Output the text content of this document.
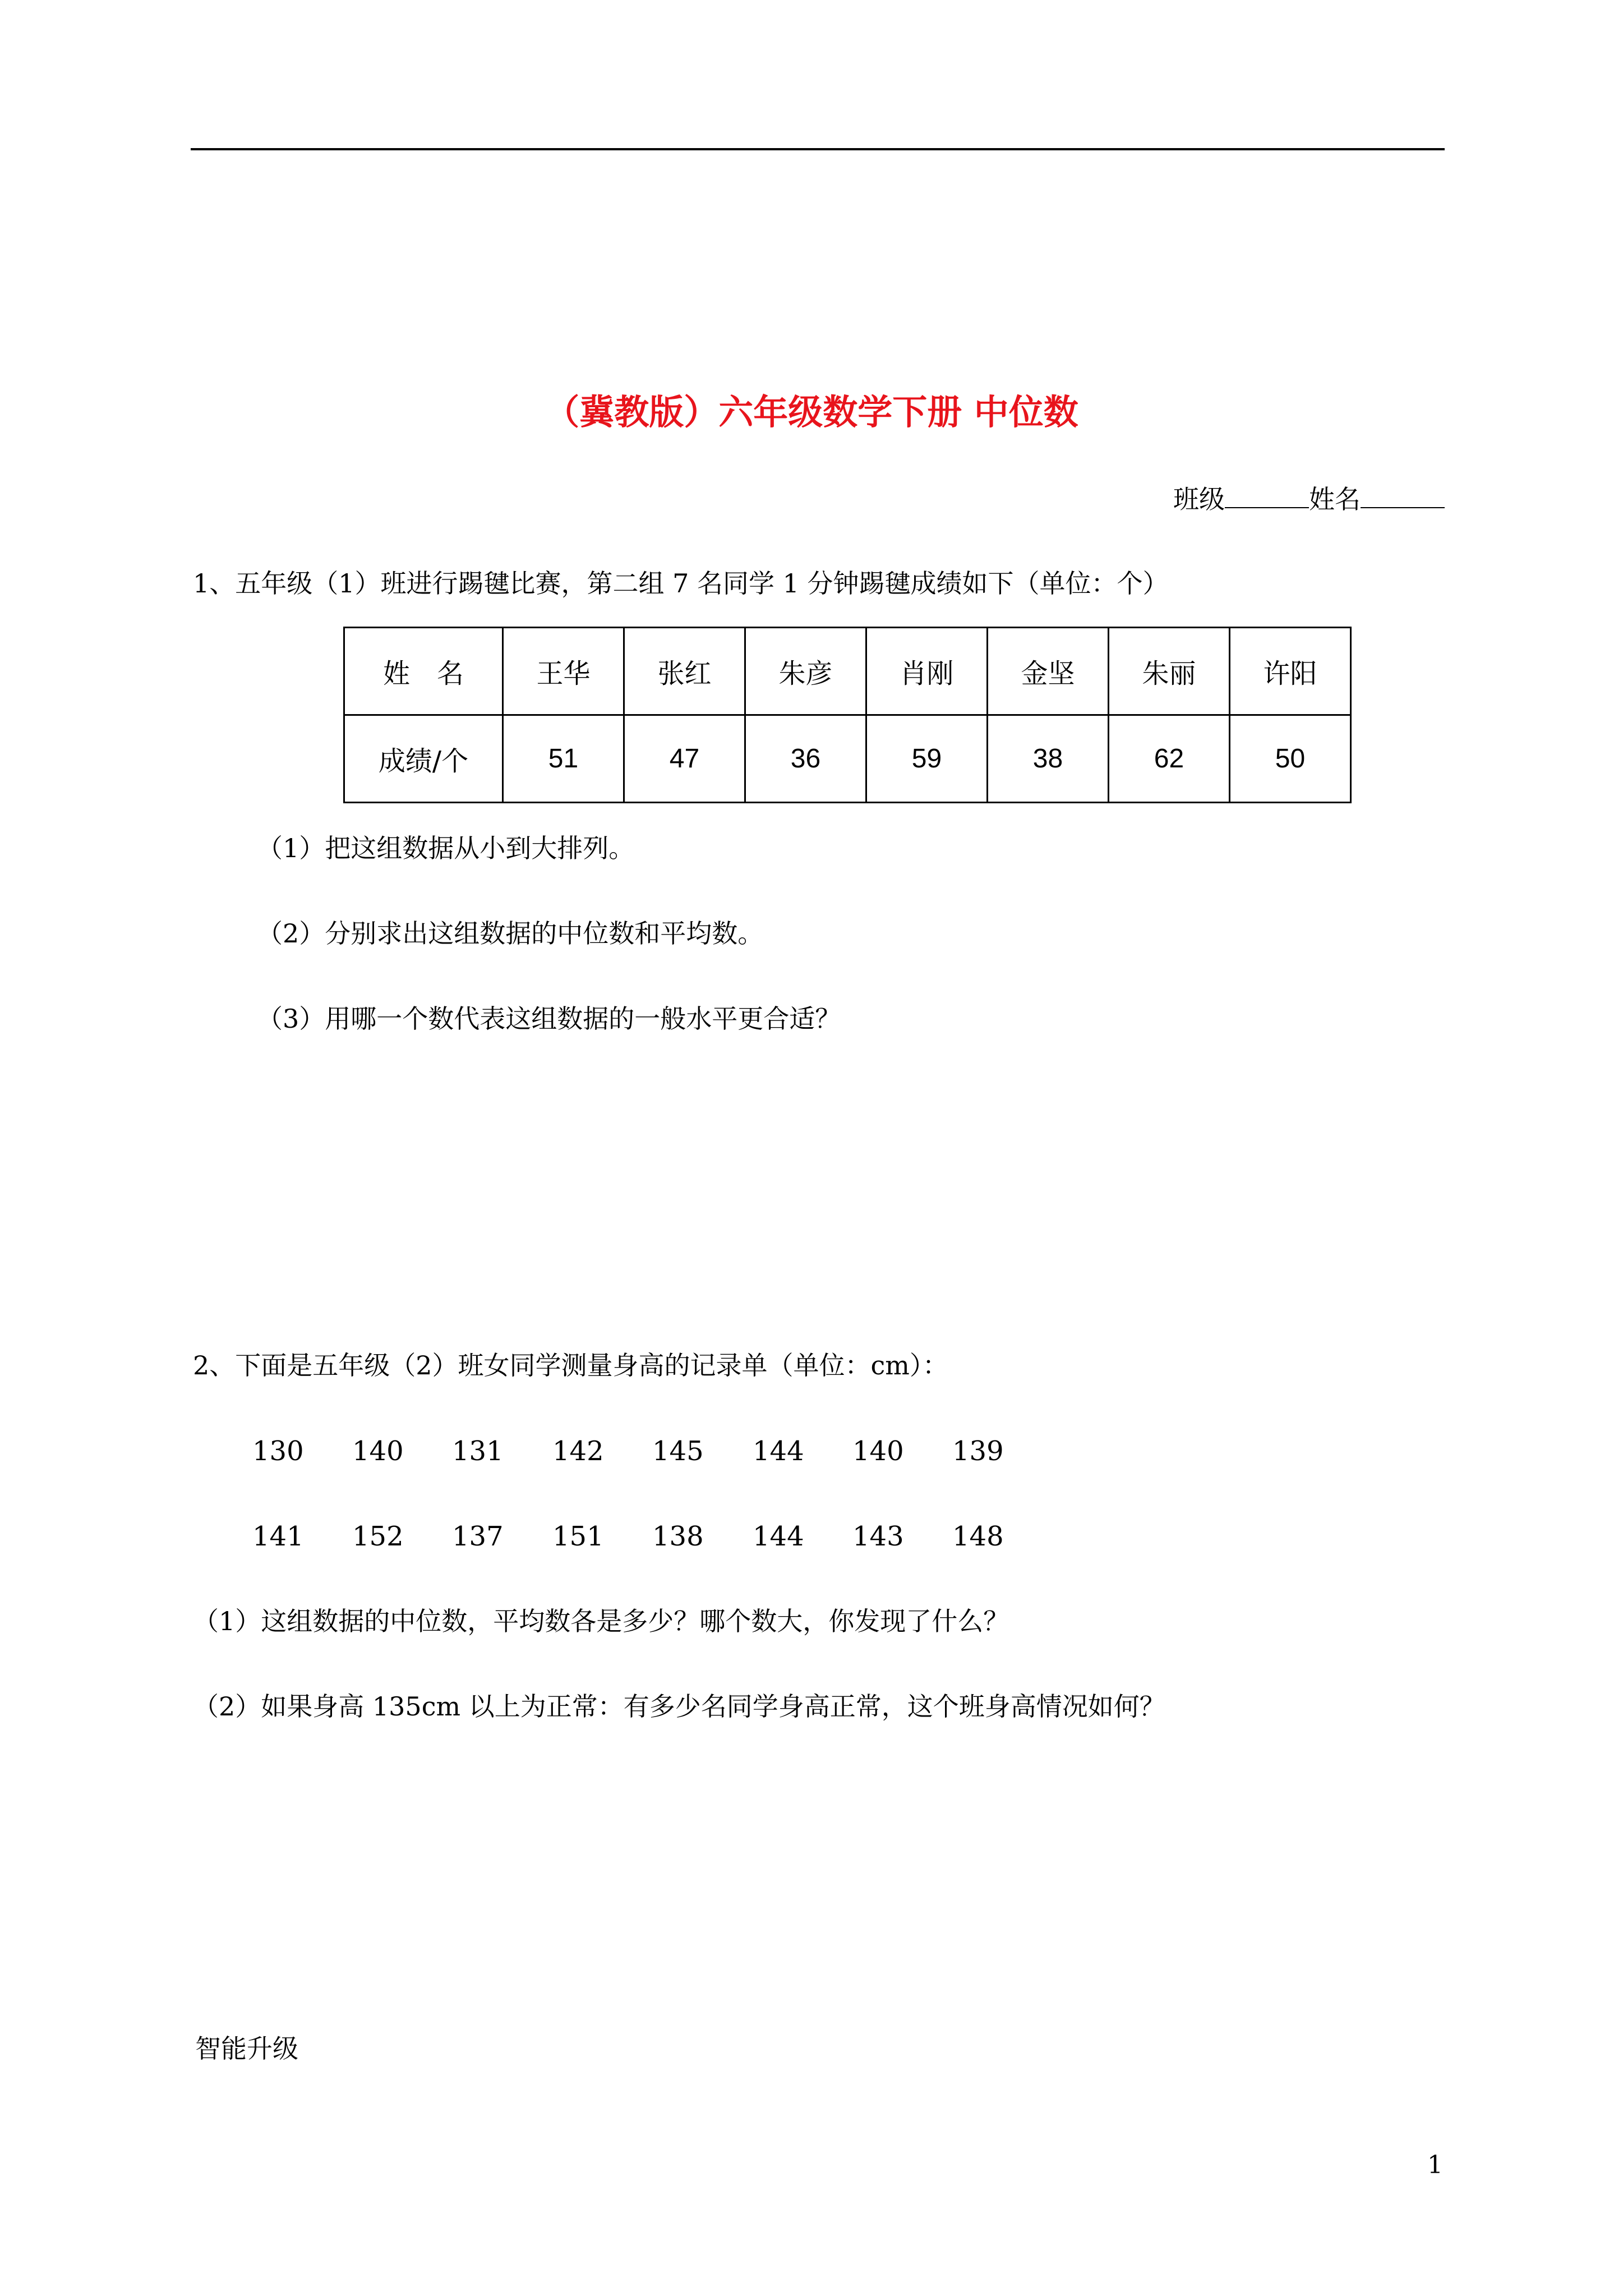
（冀教版）六年级数学下册 中位数
班级	姓名
1、五年级（1）班进行踢毽比赛，第二组 7 名同学 1 分钟踢毽成绩如下（单位：个）
姓　名	王华	张红	朱彦	肖刚	金坚	朱丽	许阳
成绩/个	51	47	36	59	38	62	50
（1）把这组数据从小到大排列。
（2）分别求出这组数据的中位数和平均数。
（3）用哪一个数代表这组数据的一般水平更合适？
2、下面是五年级（2）班女同学测量身高的记录单（单位：cm）：
130 140 131 142 145 144 140 139
141 152 137 151 138 144 143 148
（1）这组数据的中位数，平均数各是多少？哪个数大，你发现了什么？
（2）如果身高 135cm 以上为正常：有多少名同学身高正常，这个班身高情况如何？
智能升级
1
